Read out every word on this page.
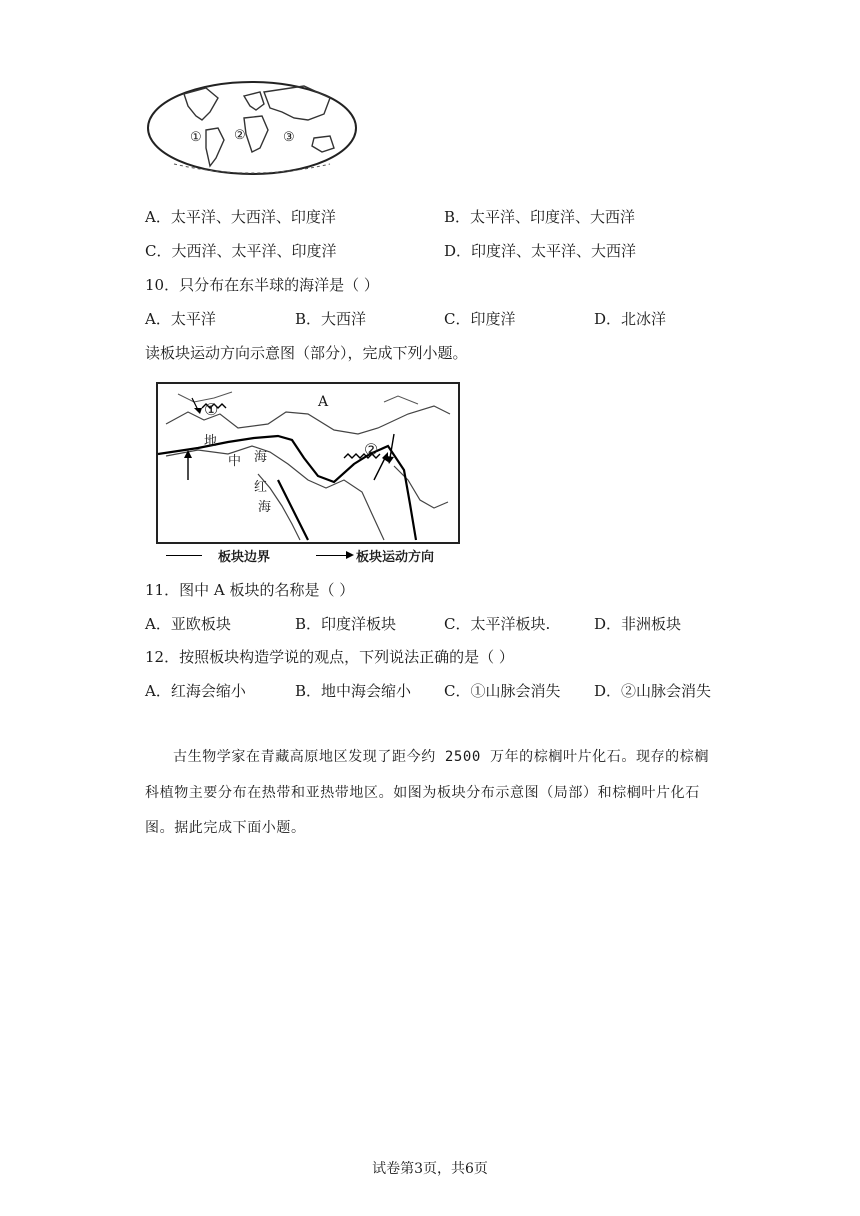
① ②	③
A．太平洋、大西洋、印度洋	B．太平洋、印度洋、大西洋
C．大西洋、太平洋、印度洋	D．印度洋、太平洋、大西洋
10．只分布在东半球的海洋是（ ）
A．太平洋	B．大西洋	C．印度洋	D．北冰洋
读板块运动方向示意图（部分），完成下列小题。
A
①
②
地
中 海
红
海
板块边界	板块运动方向
11．图中 A 板块的名称是（ ）
A．亚欧板块	B．印度洋板块	C．太平洋板块.	D．非洲板块
12．按照板块构造学说的观点，下列说法正确的是（ ）
A．红海会缩小	B．地中海会缩小 C．①山脉会消失 D．②山脉会消失
古生物学家在青藏高原地区发现了距今约 2500 万年的棕榈叶片化石。现存的棕榈
科植物主要分布在热带和亚热带地区。如图为板块分布示意图（局部）和棕榈叶片化石
图。据此完成下面小题。
试卷第3页，共6页
